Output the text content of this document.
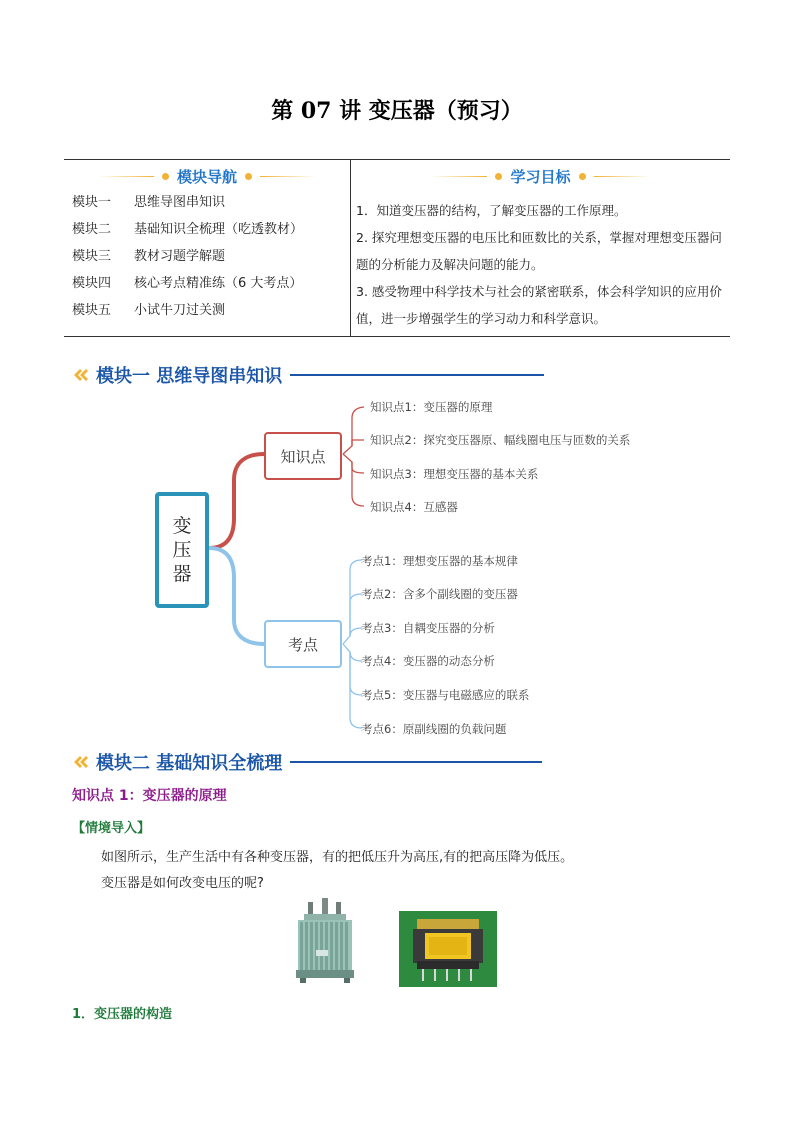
第 07 讲 变压器（预习）
模块导航	学习目标
模块一 思维导图串知识
模块二 基础知识全梳理（吃透教材）
模块三 教材习题学解题
模块四 核心考点精准练（6 大考点）
模块五 小试牛刀过关测
1．知道变压器的结构，了解变压器的工作原理。
2. 探究理想变压器的电压比和匝数比的关系，掌握对理想变压器问题的分析能力及解决问题的能力。
3. 感受物理中科学技术与社会的紧密联系，体会科学知识的应用价值，进一步增强学生的学习动力和科学意识。
模块一 思维导图串知识
变压器
知识点
考点
知识点1：变压器的原理
知识点2：探究变压器原、幅线圈电压与匝数的关系
知识点3：理想变压器的基本关系
知识点4：互感器
考点1：理想变压器的基本规律
考点2：含多个副线圈的变压器
考点3：自耦变压器的分析
考点4：变压器的动态分析
考点5：变压器与电磁感应的联系
考点6：原副线圈的负载问题
模块二 基础知识全梳理
知识点 1：变压器的原理
【情境导入】
如图所示，生产生活中有各种变压器，有的把低压升为高压,有的把高压降为低压。
变压器是如何改变电压的呢?
1．变压器的构造
